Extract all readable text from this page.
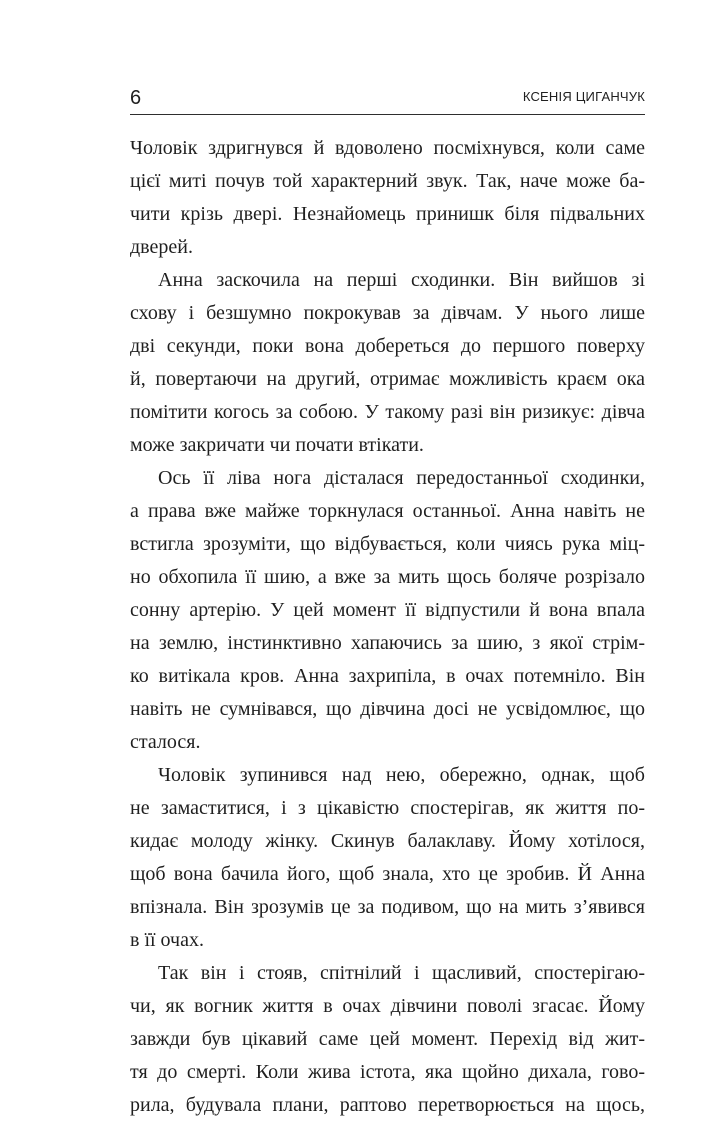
6	КСЕНІЯ ЦИГАНЧУК
Чоловік здригнувся й вдоволено посміхнувся, коли саме
цієї миті почув той характерний звук. Так, наче може ба-
чити крізь двері. Незнайомець принишк біля підвальних
дверей.
Анна заскочила на перші сходинки. Він вийшов зі
схову і безшумно покрокував за дівчам. У нього лише
дві секунди, поки вона добереться до першого поверху
й, повертаючи на другий, отримає можливість краєм ока
помітити когось за собою. У такому разі він ризикує: дівча
може закричати чи почати втікати.
Ось її ліва нога дісталася передостанньої сходинки,
а права вже майже торкнулася останньої. Анна навіть не
встигла зрозуміти, що відбувається, коли чиясь рука міц-
но обхопила її шию, а вже за мить щось боляче розрізало
сонну артерію. У цей момент її відпустили й вона впала
на землю, інстинктивно хапаючись за шию, з якої стрім-
ко витікала кров. Анна захрипіла, в очах потемніло. Він
навіть не сумнівався, що дівчина досі не усвідомлює, що
сталося.
Чоловік зупинився над нею, обережно, однак, щоб
не замаститися, і з цікавістю спостерігав, як життя по-
кидає молоду жінку. Скинув балаклаву. Йому хотілося,
щоб вона бачила його, щоб знала, хто це зробив. Й Анна
впізнала. Він зрозумів це за подивом, що на мить з’явився
в її очах.
Так він і стояв, спітнілий і щасливий, спостерігаю-
чи, як вогник життя в очах дівчини поволі згасає. Йому
завжди був цікавий саме цей момент. Перехід від жит-
тя до смерті. Коли жива істота, яка щойно дихала, гово-
рила, будувала плани, раптово перетворюється на щось,
